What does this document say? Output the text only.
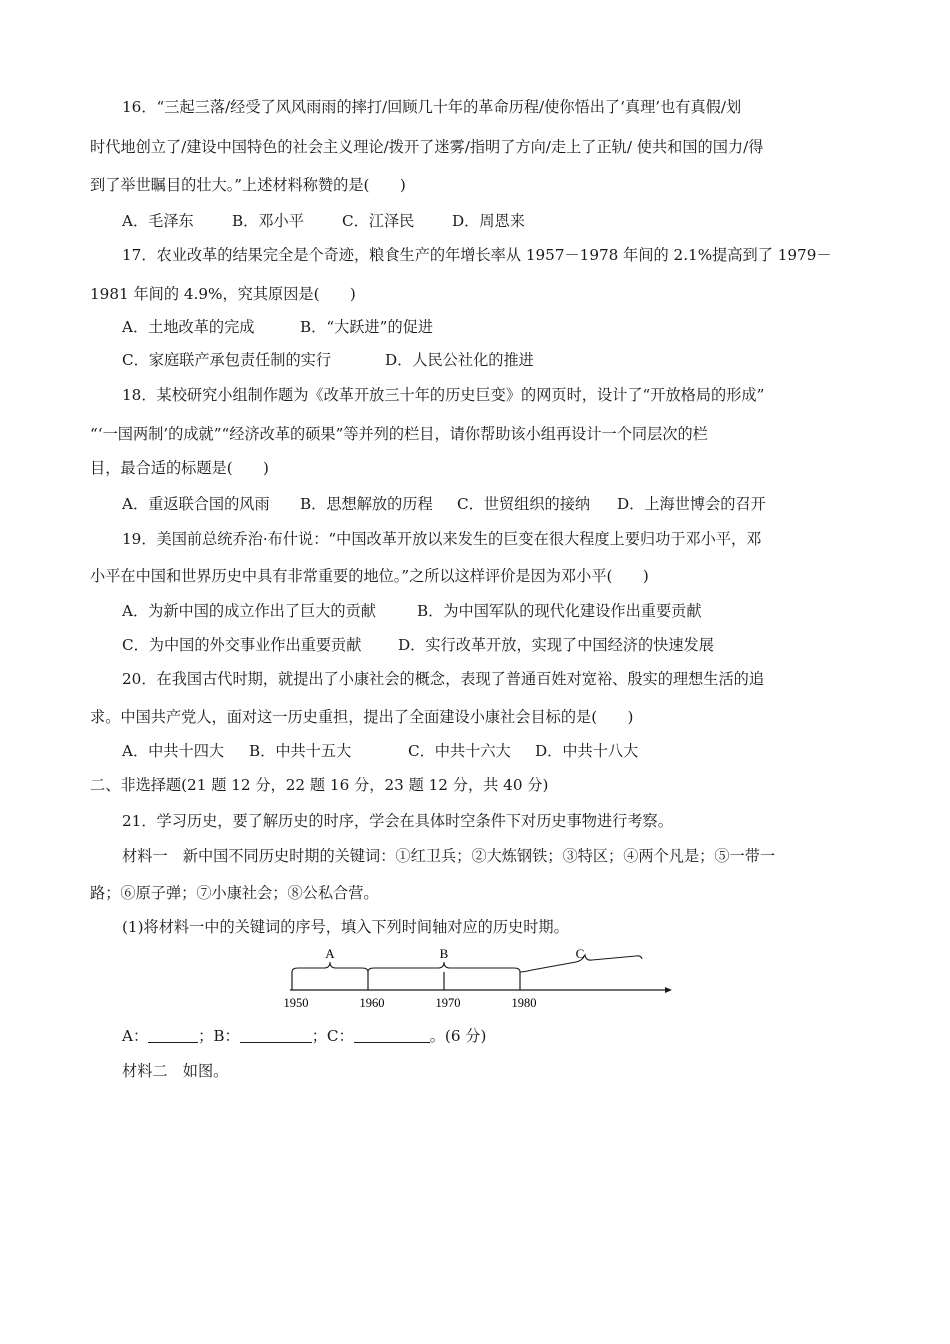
16．“三起三落/经受了风风雨雨的摔打/回顾几十年的革命历程/使你悟出了‘真理’也有真假/划
时代地创立了/建设中国特色的社会主义理论/拨开了迷雾/指明了方向/走上了正轨/ 使共和国的国力/得
到了举世瞩目的壮大。”上述材料称赞的是(　　)
A．毛泽东	B．邓小平	C．江泽民 D．周恩来
17．农业改革的结果完全是个奇迹，粮食生产的年增长率从 1957－1978 年间的 2.1%提高到了 1979－
1981 年间的 4.9%，究其原因是(　　)
A．土地改革的完成	B．“大跃进”的促进
C．家庭联产承包责任制的实行	D．人民公社化的推进
18．某校研究小组制作题为《改革开放三十年的历史巨变》的网页时，设计了“开放格局的形成”
“‘一国两制’的成就”“经济改革的硕果”等并列的栏目，请你帮助该小组再设计一个同层次的栏
目，最合适的标题是(　　)
A．重返联合国的风雨 B．思想解放的历程 C．世贸组织的接纳 D．上海世博会的召开
19．美国前总统乔治·布什说：“中国改革开放以来发生的巨变在很大程度上要归功于邓小平，邓
小平在中国和世界历史中具有非常重要的地位。”之所以这样评价是因为邓小平(　　)
A．为新中国的成立作出了巨大的贡献	B．为中国军队的现代化建设作出重要贡献
C．为中国的外交事业作出重要贡献 D．实行改革开放，实现了中国经济的快速发展
20．在我国古代时期，就提出了小康社会的概念，表现了普通百姓对宽裕、殷实的理想生活的追
求。中国共产党人，面对这一历史重担，提出了全面建设小康社会目标的是(　　)
A．中共十四大 B．中共十五大	C．中共十六大 D．中共十八大
二、非选择题(21 题 12 分，22 题 16 分，23 题 12 分，共 40 分)
21．学习历史，要了解历史的时序，学会在具体时空条件下对历史事物进行考察。
材料一　新中国不同历史时期的关键词：①红卫兵；②大炼钢铁；③特区；④两个凡是；⑤一带一
路；⑥原子弹；⑦小康社会；⑧公私合营。
(1)将材料一中的关键词的序号，填入下列时间轴对应的历史时期。
A	B	C
1950	1960	1970	1980
A：	；B：	；C：	。(6 分)
材料二　如图。
